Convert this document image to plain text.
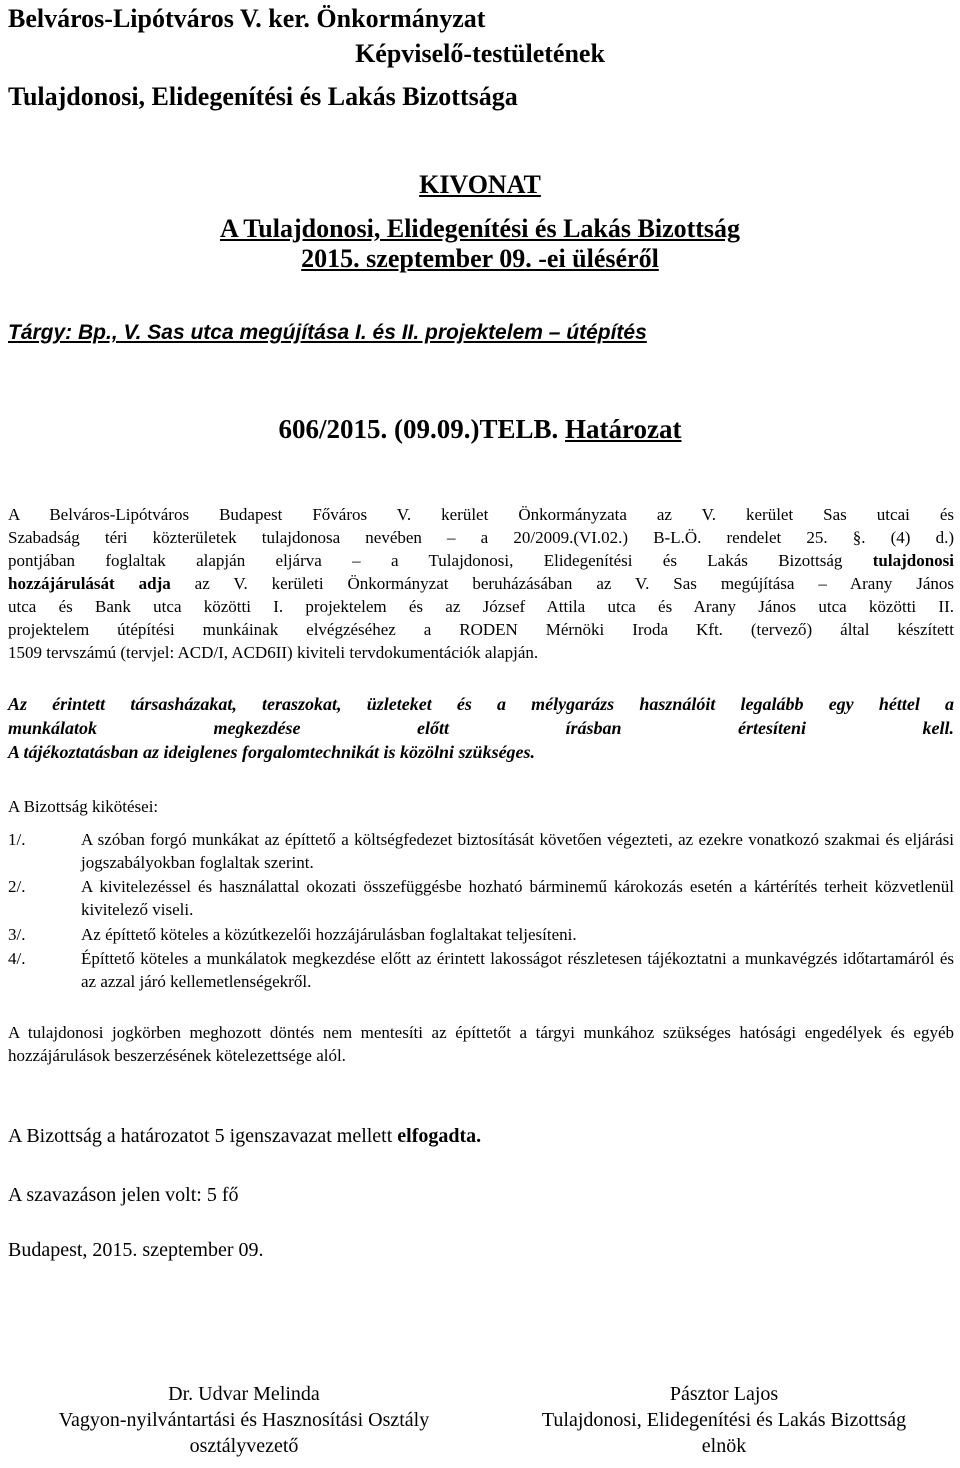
Belváros-Lipótváros V. ker. Önkormányzat
Képviselő-testületének
Tulajdonosi, Elidegenítési és Lakás Bizottsága
KIVONAT
A Tulajdonosi, Elidegenítési és Lakás Bizottság
2015. szeptember 09. -ei üléséről
Tárgy: Bp., V. Sas utca megújítása I. és II. projektelem – útépítés
606/2015. (09.09.)TELB. Határozat

A Belváros-Lipótváros Budapest Főváros V. kerület Önkormányzata az V. kerület Sas utcai és

Szabadság téri közterületek tulajdonosa nevében – a 20/2009.(VI.02.) B-L.Ö. rendelet 25. §. (4) d.)

pontjában foglaltak alapján eljárva – a Tulajdonosi, Elidegenítési és Lakás Bizottság tulajdonosi

hozzájárulását adja az V. kerületi Önkormányzat beruházásában az V. Sas megújítása – Arany János

utca és Bank utca közötti I. projektelem és az József Attila utca és Arany János utca közötti II.

projektelem útépítési munkáinak elvégzéséhez a RODEN Mérnöki Iroda Kft. (tervező) által készített

1509 tervszámú (tervjel: ACD/I, ACD6II) kiviteli tervdokumentációk alapján.

Az érintett társasházakat, teraszokat, üzleteket és a mélygarázs használóit legalább egy héttel a

munkálatok megkezdése előtt írásban értesíteni kell.

A tájékoztatásban az ideiglenes forgalomtechnikát is közölni szükséges.

A Bizottság kikötései:
1/.	A szóban forgó munkákat az építtető a költségfedezet biztosítását követően végezteti, az ezekre vonatkozó szakmai és eljárási jogszabályokban foglaltak szerint.
2/.	A kivitelezéssel és használattal okozati összefüggésbe hozható bárminemű károkozás esetén a kártérítés terheit közvetlenül kivitelező viseli.
3/.	Az építtető köteles a közútkezelői hozzájárulásban foglaltakat teljesíteni.
4/.	Építtető köteles a munkálatok megkezdése előtt az érintett lakosságot részletesen tájékoztatni a munkavégzés időtartamáról és az azzal járó kellemetlenségekről.
A tulajdonosi jogkörben meghozott döntés nem mentesíti az építtetőt a tárgyi munkához szükséges hatósági engedélyek és egyéb hozzájárulások beszerzésének kötelezettsége alól.
A Bizottság a határozatot 5 igenszavazat mellett elfogadta.
A szavazáson jelen volt: 5 fő
Budapest, 2015. szeptember 09.
Dr. Udvar Melinda
Vagyon-nyilvántartási és Hasznosítási Osztály
osztályvezető
Pásztor Lajos
Tulajdonosi, Elidegenítési és Lakás Bizottság
elnök
